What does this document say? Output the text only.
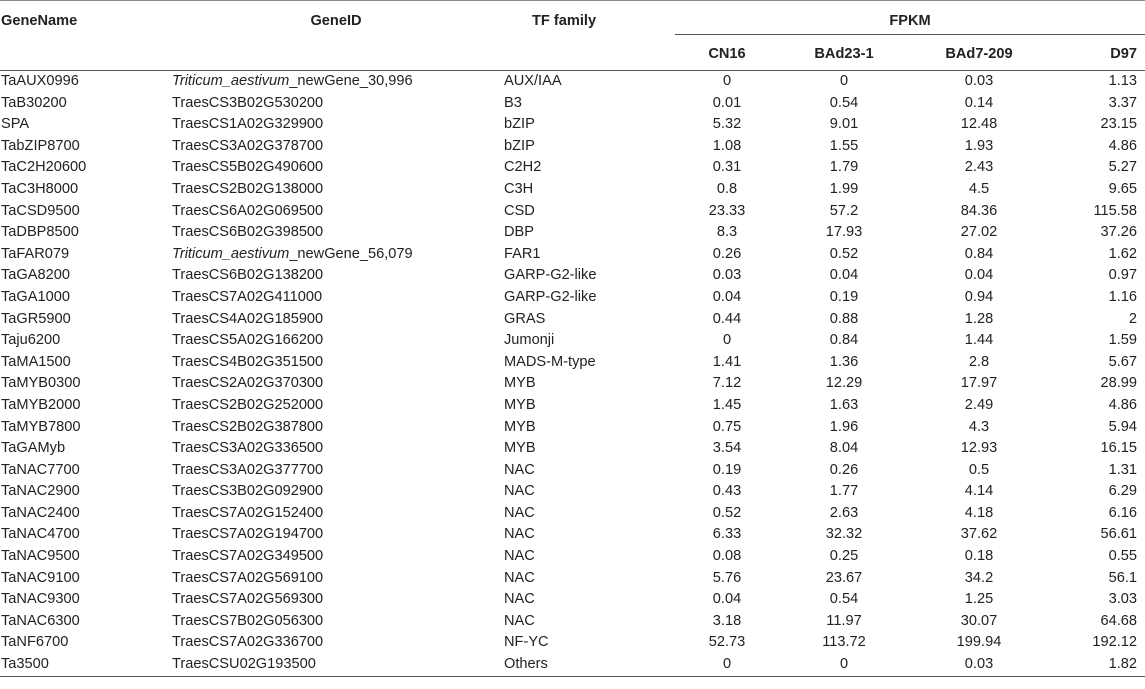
GeneName	GeneID	TF family	FPKM			
			CN16	BAd23-1	BAd7-209	D97
TaAUX0996	Triticum_aestivum_newGene_30,996	AUX/IAA	0	0	0.03	1.13
TaB30200	TraesCS3B02G530200	B3	0.01	0.54	0.14	3.37
SPA	TraesCS1A02G329900	bZIP	5.32	9.01	12.48	23.15
TabZIP8700	TraesCS3A02G378700	bZIP	1.08	1.55	1.93	4.86
TaC2H20600	TraesCS5B02G490600	C2H2	0.31	1.79	2.43	5.27
TaC3H8000	TraesCS2B02G138000	C3H	0.8	1.99	4.5	9.65
TaCSD9500	TraesCS6A02G069500	CSD	23.33	57.2	84.36	115.58
TaDBP8500	TraesCS6B02G398500	DBP	8.3	17.93	27.02	37.26
TaFAR079	Triticum_aestivum_newGene_56,079	FAR1	0.26	0.52	0.84	1.62
TaGA8200	TraesCS6B02G138200	GARP-G2-like	0.03	0.04	0.04	0.97
TaGA1000	TraesCS7A02G411000	GARP-G2-like	0.04	0.19	0.94	1.16
TaGR5900	TraesCS4A02G185900	GRAS	0.44	0.88	1.28	2
Taju6200	TraesCS5A02G166200	Jumonji	0	0.84	1.44	1.59
TaMA1500	TraesCS4B02G351500	MADS-M-type	1.41	1.36	2.8	5.67
TaMYB0300	TraesCS2A02G370300	MYB	7.12	12.29	17.97	28.99
TaMYB2000	TraesCS2B02G252000	MYB	1.45	1.63	2.49	4.86
TaMYB7800	TraesCS2B02G387800	MYB	0.75	1.96	4.3	5.94
TaGAMyb	TraesCS3A02G336500	MYB	3.54	8.04	12.93	16.15
TaNAC7700	TraesCS3A02G377700	NAC	0.19	0.26	0.5	1.31
TaNAC2900	TraesCS3B02G092900	NAC	0.43	1.77	4.14	6.29
TaNAC2400	TraesCS7A02G152400	NAC	0.52	2.63	4.18	6.16
TaNAC4700	TraesCS7A02G194700	NAC	6.33	32.32	37.62	56.61
TaNAC9500	TraesCS7A02G349500	NAC	0.08	0.25	0.18	0.55
TaNAC9100	TraesCS7A02G569100	NAC	5.76	23.67	34.2	56.1
TaNAC9300	TraesCS7A02G569300	NAC	0.04	0.54	1.25	3.03
TaNAC6300	TraesCS7B02G056300	NAC	3.18	11.97	30.07	64.68
TaNF6700	TraesCS7A02G336700	NF-YC	52.73	113.72	199.94	192.12
Ta3500	TraesCSU02G193500	Others	0	0	0.03	1.82
